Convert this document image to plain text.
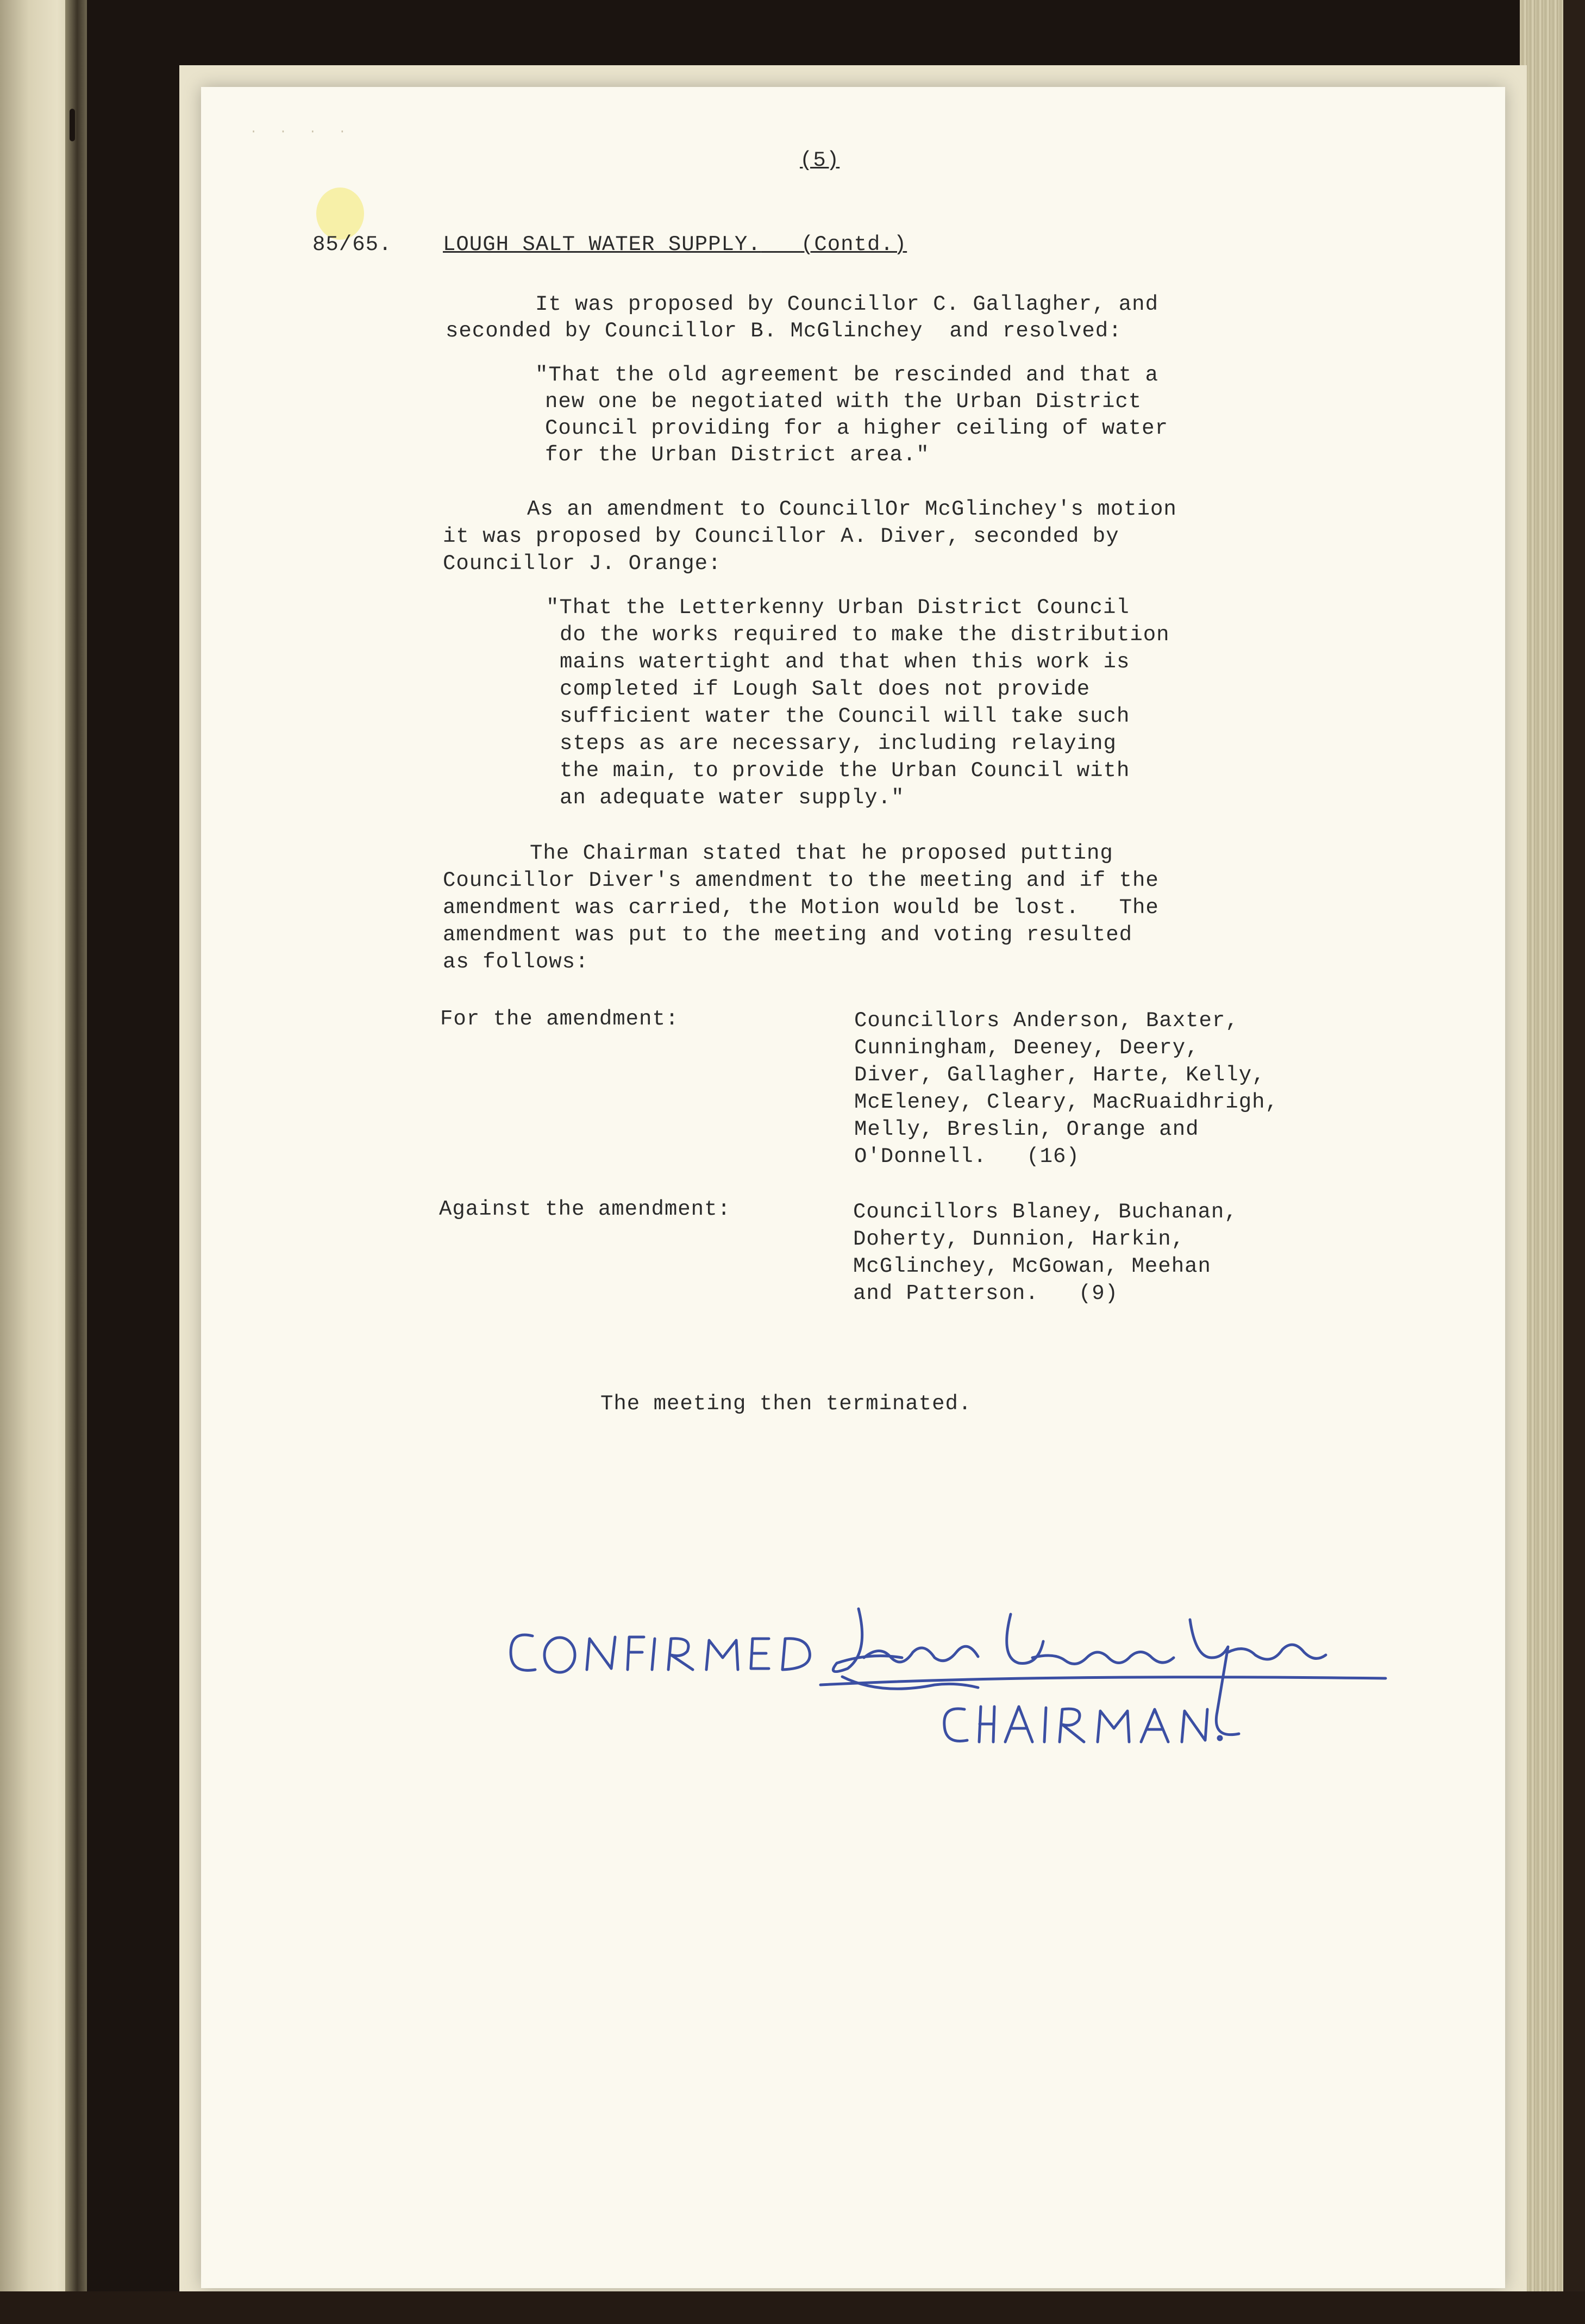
· · · ·
(5)
85/65. LOUGH SALT WATER SUPPLY. (Contd.)
It was proposed by Councillor C. Gallagher, and
seconded by Councillor B. McGlinchey  and resolved:
"That the old agreement be rescinded and that a
new one be negotiated with the Urban District
Council providing for a higher ceiling of water
for the Urban District area."
As an amendment to CouncillOr McGlinchey's motion
it was proposed by Councillor A. Diver, seconded by
Councillor J. Orange:
"That the Letterkenny Urban District Council
do the works required to make the distribution
mains watertight and that when this work is
completed if Lough Salt does not provide
sufficient water the Council will take such
steps as are necessary, including relaying
the main, to provide the Urban Council with
an adequate water supply."
The Chairman stated that he proposed putting
Councillor Diver's amendment to the meeting and if the
amendment was carried, the Motion would be lost.   The
amendment was put to the meeting and voting resulted
as follows:
For the amendment:	Councillors Anderson, Baxter,
Cunningham, Deeney, Deery,
Diver, Gallagher, Harte, Kelly,
McEleney, Cleary, MacRuaidhrigh,
Melly, Breslin, Orange and
O'Donnell.   (16)
Against the amendment:	Councillors Blaney, Buchanan,
Doherty, Dunnion, Harkin,
McGlinchey, McGowan, Meehan
and Patterson.   (9)
The meeting then terminated.
